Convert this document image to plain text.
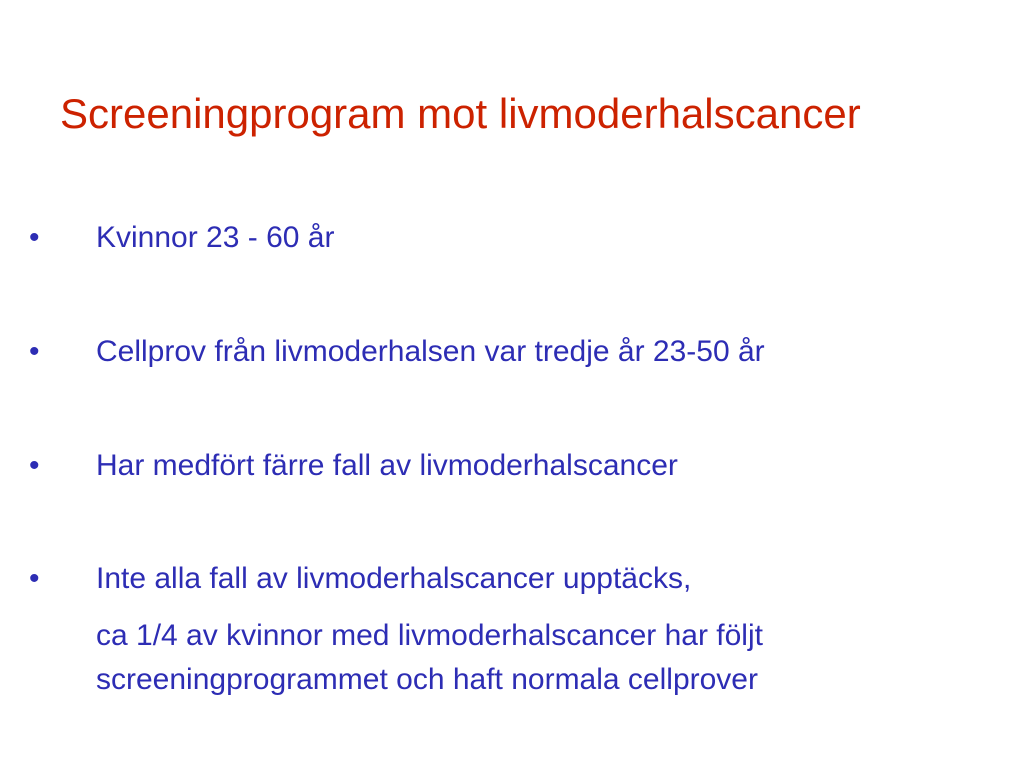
Screeningprogram mot livmoderhalscancer
•	Kvinnor 23 - 60 år
•	Cellprov från livmoderhalsen var tredje år 23-50 år
•	Har medfört färre fall av livmoderhalscancer
•	Inte alla fall av livmoderhalscancer upptäcks,
ca 1/4 av kvinnor med livmoderhalscancer har följt
screeningprogrammet och haft normala cellprover
